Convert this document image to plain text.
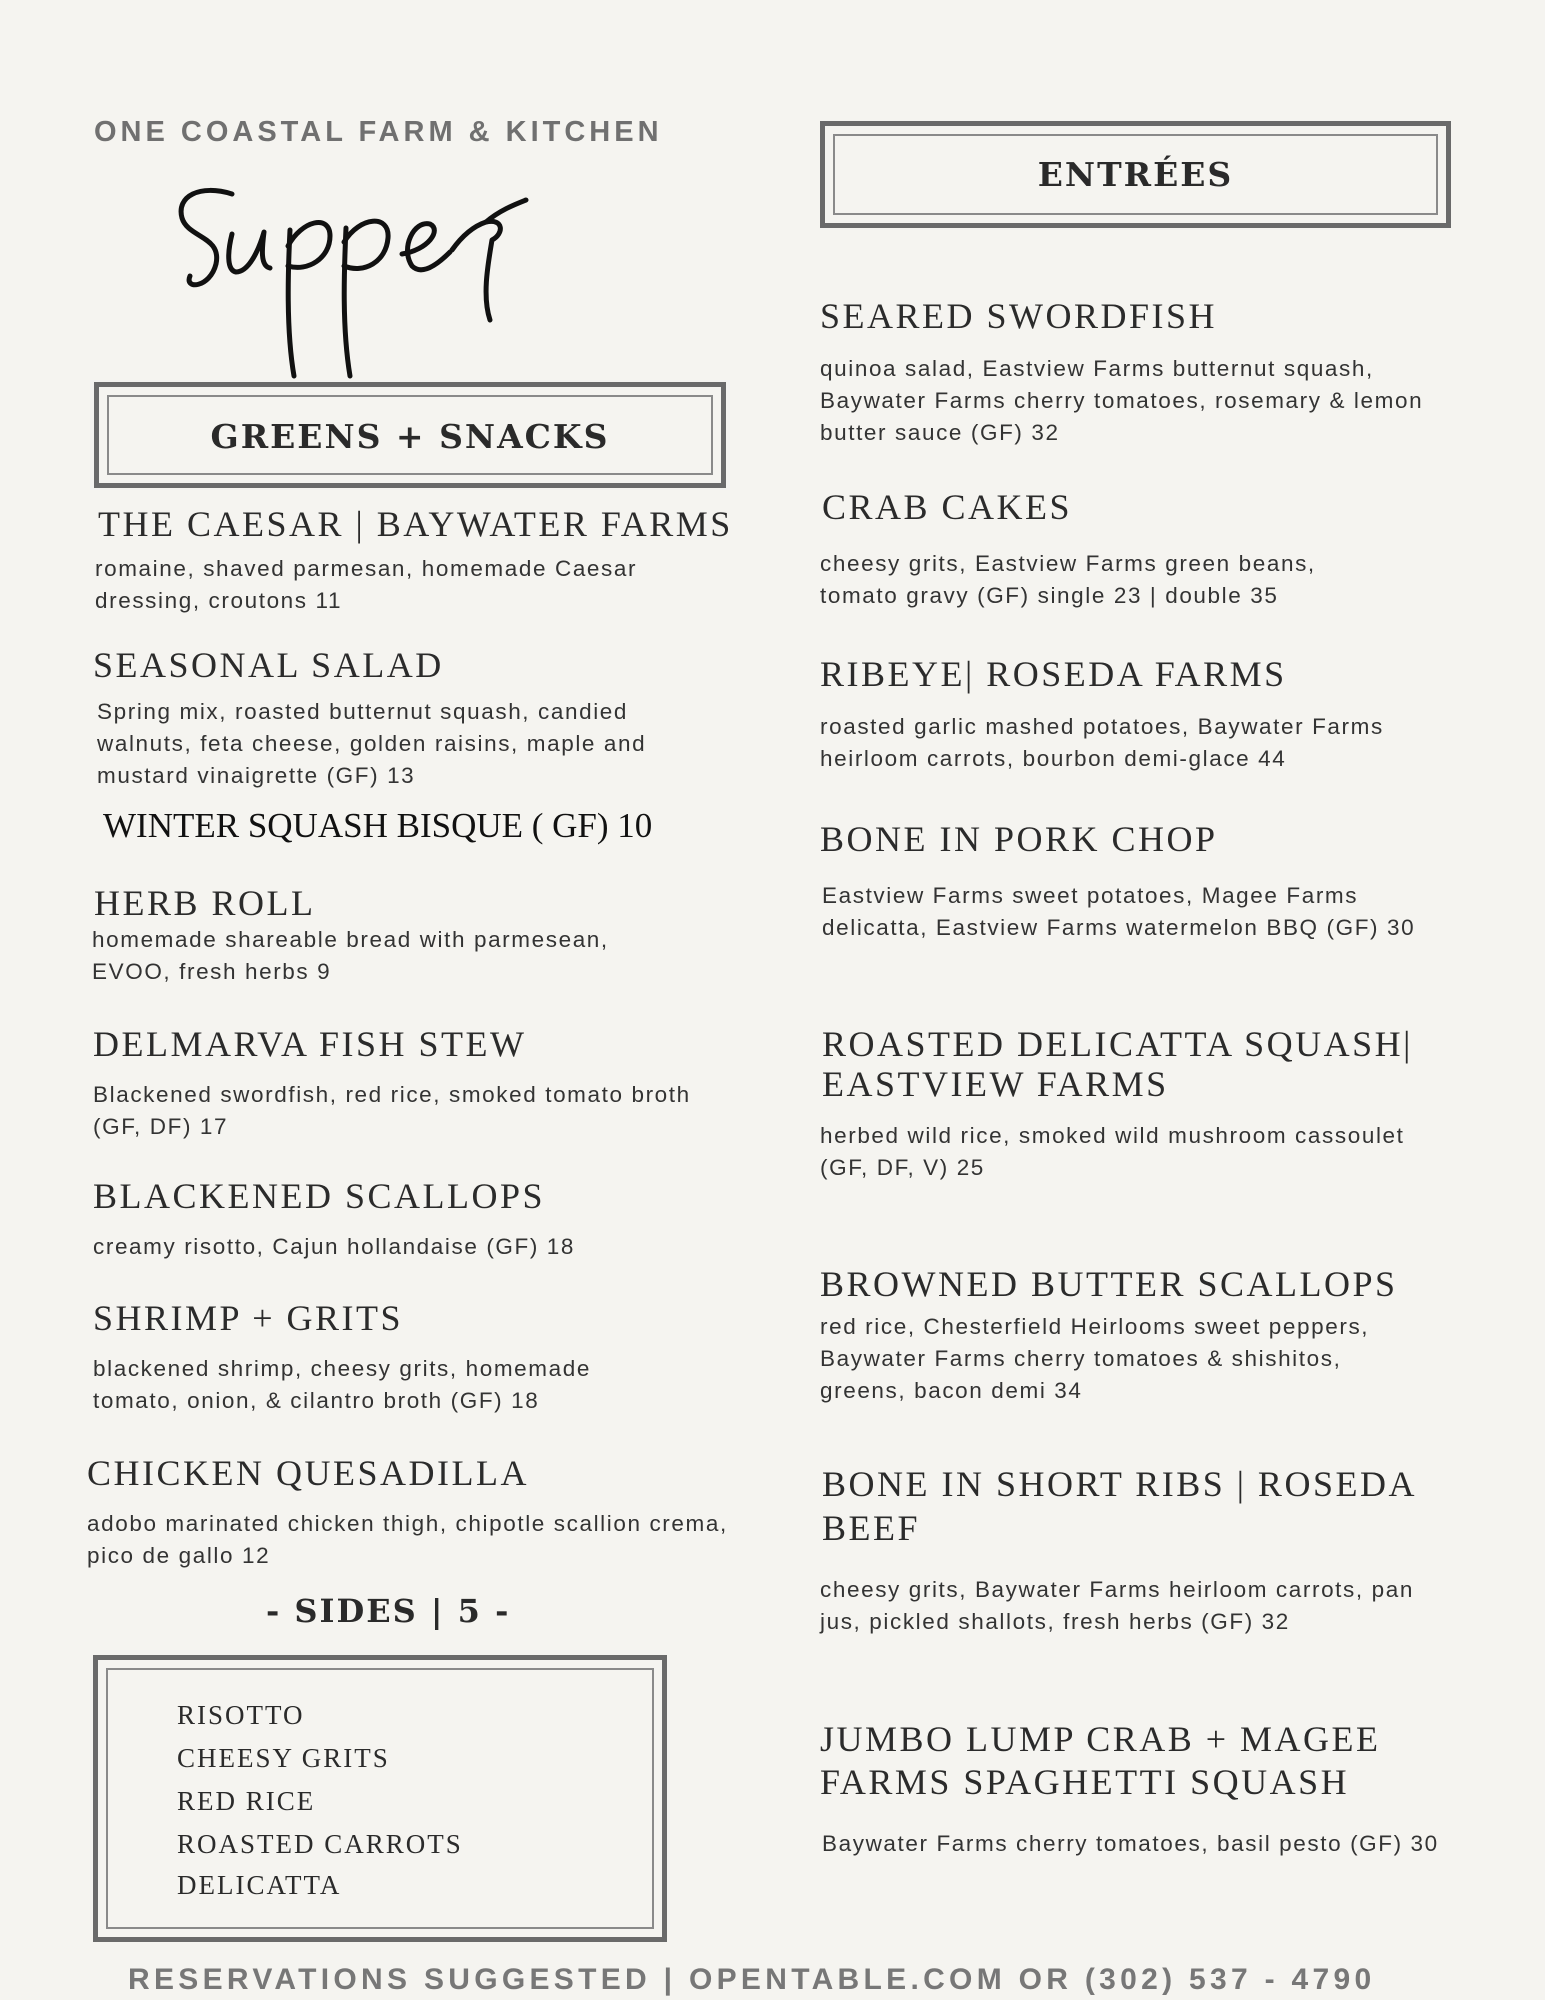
ONE COASTAL FARM & KITCHEN
GREENS + SNACKS
THE CAESAR | BAYWATER FARMS
romaine, shaved parmesan, homemade Caesar dressing, croutons 11
SEASONAL SALAD
Spring mix, roasted butternut squash, candied walnuts, feta cheese, golden raisins, maple and mustard vinaigrette (GF) 13
WINTER SQUASH BISQUE ( GF) 10
HERB ROLL
homemade shareable bread with parmesean, EVOO, fresh herbs 9
DELMARVA FISH STEW
Blackened swordfish, red rice, smoked tomato broth (GF, DF) 17
BLACKENED SCALLOPS
creamy risotto, Cajun hollandaise (GF) 18
SHRIMP + GRITS
blackened shrimp, cheesy grits, homemade tomato, onion, & cilantro broth (GF) 18
CHICKEN QUESADILLA
adobo marinated chicken thigh, chipotle scallion crema, pico de gallo 12
- SIDES | 5 -
RISOTTO
CHEESY GRITS
RED RICE
ROASTED CARROTS
DELICATTA
ENTRÉES
SEARED SWORDFISH
quinoa salad, Eastview Farms butternut squash, Baywater Farms cherry tomatoes, rosemary & lemon butter sauce (GF) 32
CRAB CAKES
cheesy grits, Eastview Farms green beans, tomato gravy (GF) single 23 | double 35
RIBEYE| ROSEDA FARMS
roasted garlic mashed potatoes, Baywater Farms heirloom carrots, bourbon demi-glace 44
BONE IN PORK CHOP
Eastview Farms sweet potatoes, Magee Farms delicatta, Eastview Farms watermelon BBQ (GF) 30
ROASTED DELICATTA SQUASH| EASTVIEW FARMS
herbed wild rice, smoked wild mushroom cassoulet (GF, DF, V) 25
BROWNED BUTTER SCALLOPS
red rice, Chesterfield Heirlooms sweet peppers, Baywater Farms cherry tomatoes & shishitos, greens, bacon demi 34
BONE IN SHORT RIBS | ROSEDA BEEF
cheesy grits, Baywater Farms heirloom carrots, pan jus, pickled shallots, fresh herbs (GF) 32
JUMBO LUMP CRAB + MAGEE FARMS SPAGHETTI SQUASH
Baywater Farms cherry tomatoes, basil pesto (GF) 30
RESERVATIONS SUGGESTED | OPENTABLE.COM OR (302) 537 - 4790
